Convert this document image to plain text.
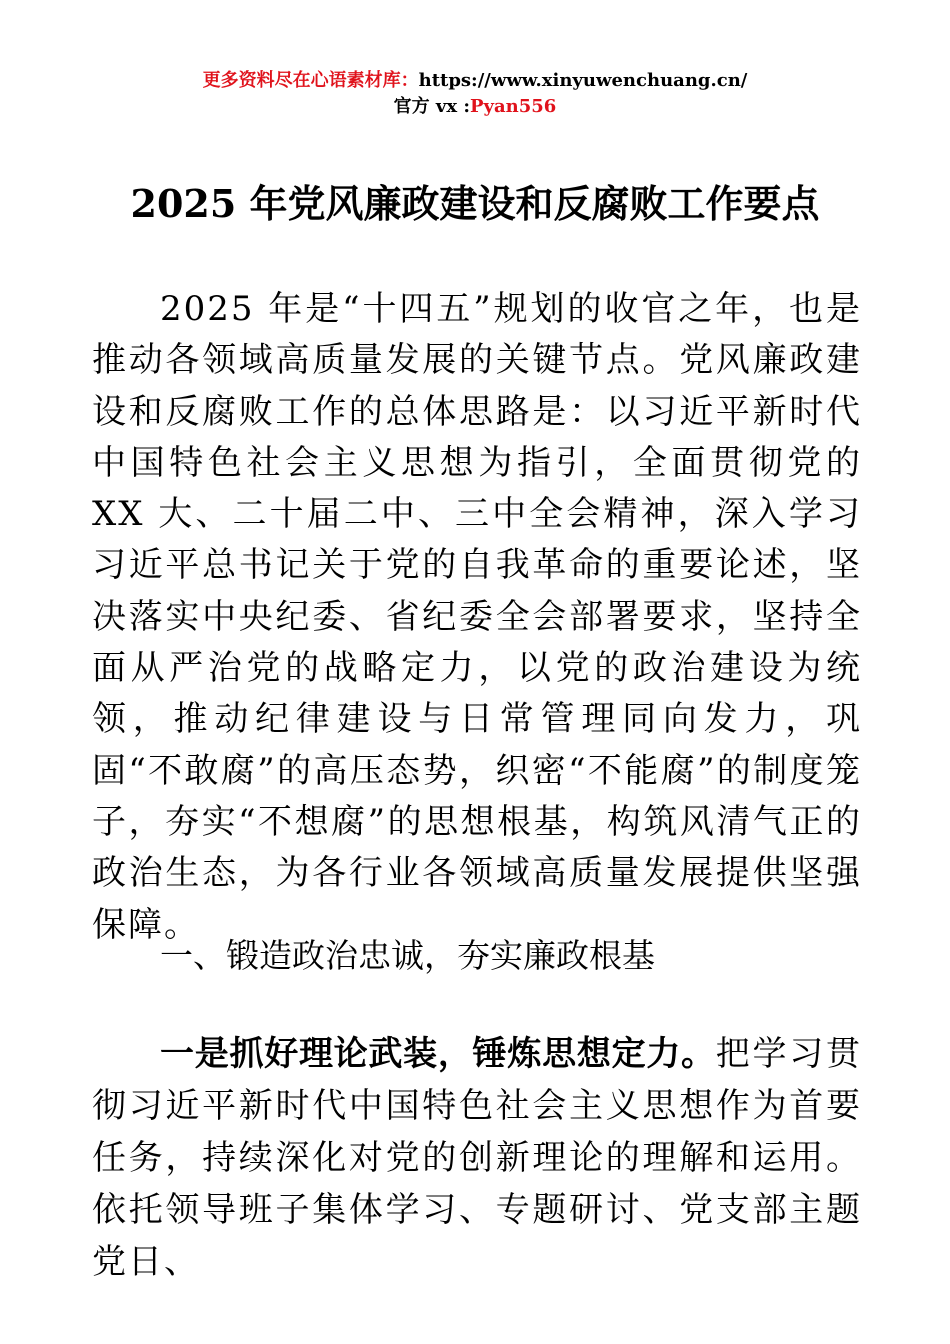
更多资料尽在心语素材库：https://www.xinyuwenchuang.cn/
官方 vx :Pyan556
2025 年党风廉政建设和反腐败工作要点
2025 年是“十四五”规划的收官之年，也是推动各领域高质量发展的关键节点。党风廉政建设和反腐败工作的总体思路是：以习近平新时代中国特色社会主义思想为指引，全面贯彻党的 XX 大、二十届二中、三中全会精神，深入学习习近平总书记关于党的自我革命的重要论述，坚决落实中央纪委、省纪委全会部署要求，坚持全面从严治党的战略定力，以党的政治建设为统领，推动纪律建设与日常管理同向发力，巩固“不敢腐”的高压态势，织密“不能腐”的制度笼子，夯实“不想腐”的思想根基，构筑风清气正的政治生态，为各行业各领域高质量发展提供坚强保障。
一、锻造政治忠诚，夯实廉政根基
一是抓好理论武装，锤炼思想定力。把学习贯彻习近平新时代中国特色社会主义思想作为首要任务，持续深化对党的创新理论的理解和运用。依托领导班子集体学习、专题研讨、党支部主题党日、
